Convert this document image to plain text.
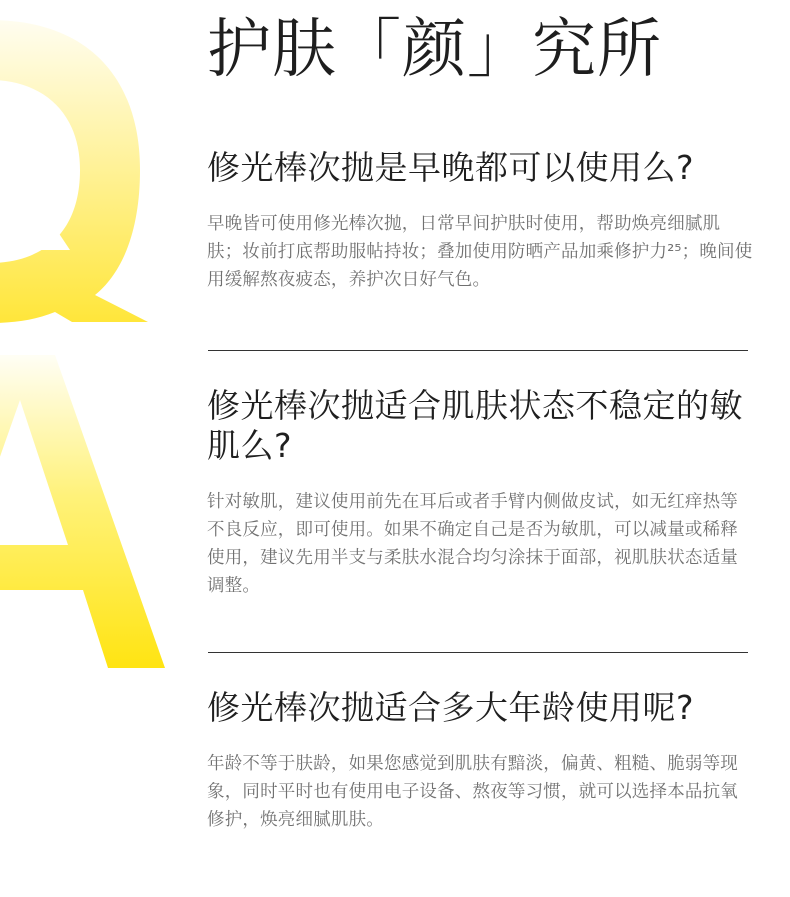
护肤「颜」究所
修光棒次抛是早晚都可以使用么?

早晚皆可使用修光棒次抛，日常早间护肤时使用，帮助焕亮细腻肌肤；妆前打底帮助服帖持妆；叠加使用防晒产品加乘修护力²⁵；晚间使用缓解熬夜疲态，养护次日好气色。

修光棒次抛适合肌肤状态不稳定的敏肌么?

针对敏肌，建议使用前先在耳后或者手臂内侧做皮试，如无红痒热等不良反应，即可使用。如果不确定自己是否为敏肌，可以减量或稀释使用，建议先用半支与柔肤水混合均匀涂抹于面部，视肌肤状态适量调整。

修光棒次抛适合多大年龄使用呢?

年龄不等于肤龄，如果您感觉到肌肤有黯淡，偏黄、粗糙、脆弱等现象，同时平时也有使用电子设备、熬夜等习惯，就可以选择本品抗氧修护，焕亮细腻肌肤。
